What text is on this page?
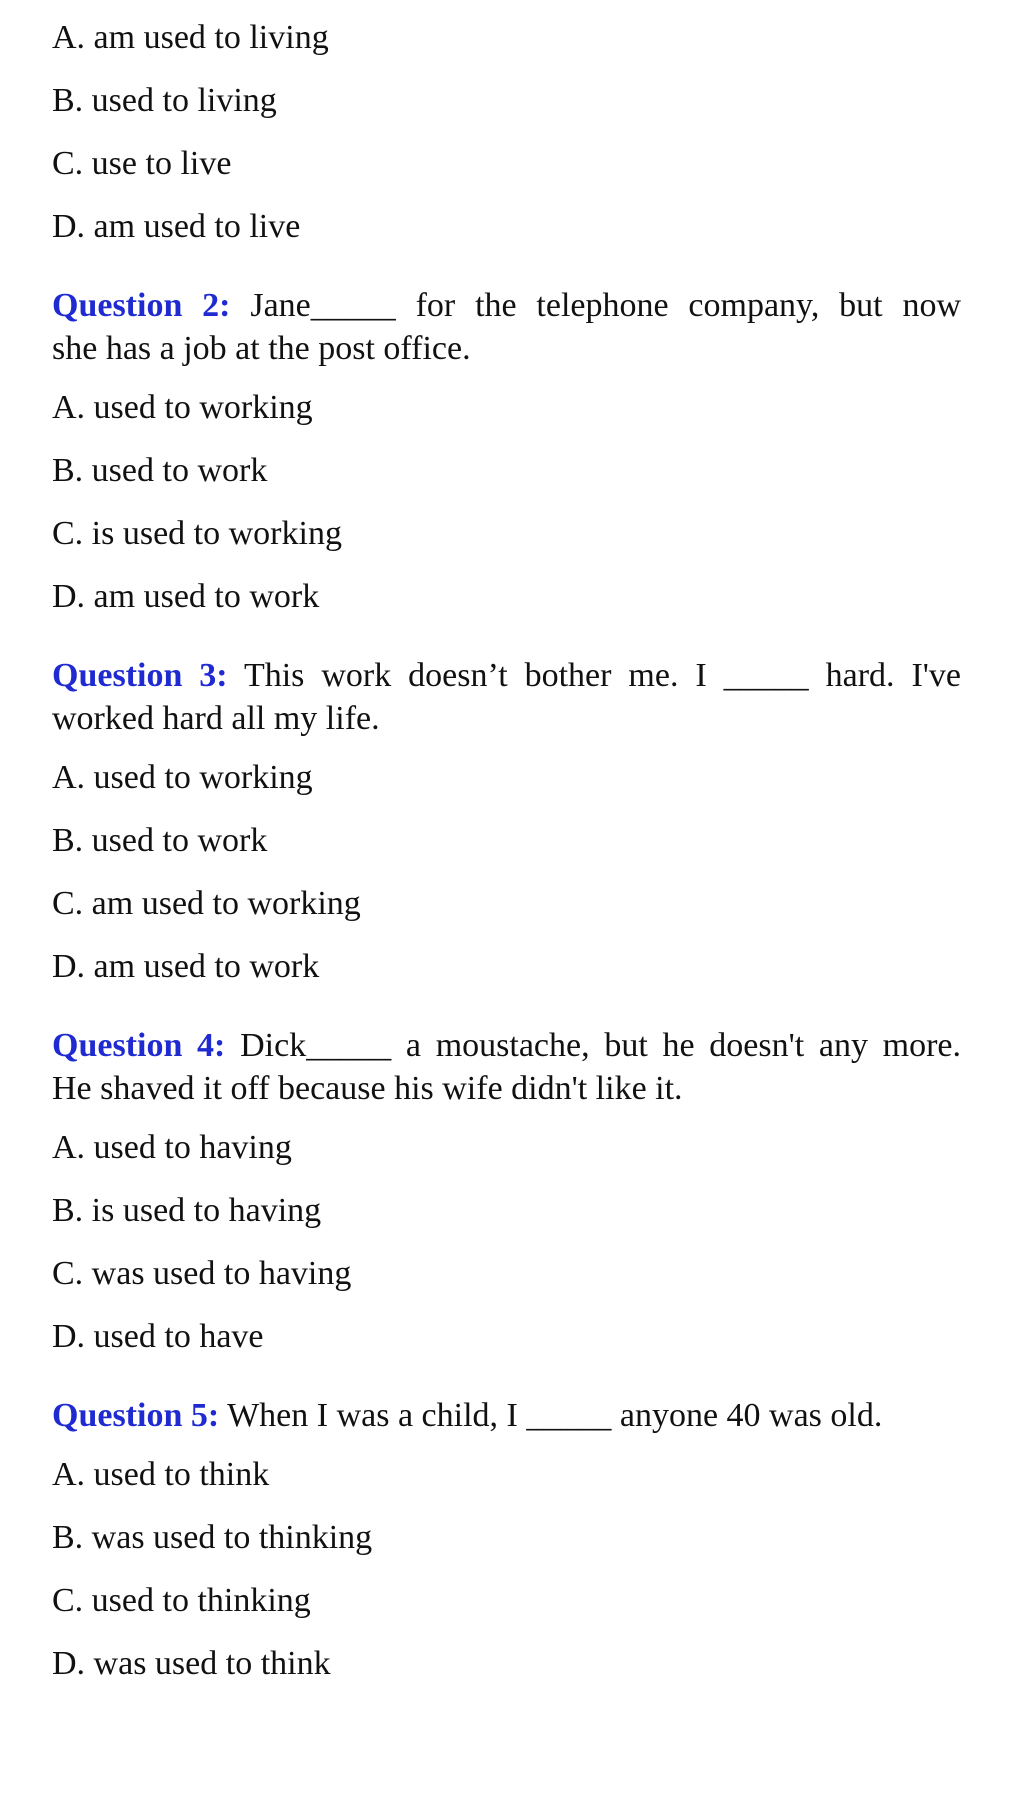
A. am used to living
B. used to living
C. use to live
D. am used to live
Question 2: Jane_____ for the telephone company, but now
she has a job at the post office.
A. used to working
B. used to work
C. is used to working
D. am used to work
Question 3: This work doesn’t bother me. I _____ hard. I've
worked hard all my life.
A. used to working
B. used to work
C. am used to working
D. am used to work
Question 4: Dick_____ a moustache, but he doesn't any more.
He shaved it off because his wife didn't like it.
A. used to having
B. is used to having
C. was used to having
D. used to have
Question 5: When I was a child, I _____ anyone 40 was old.
A. used to think
B. was used to thinking
C. used to thinking
D. was used to think
